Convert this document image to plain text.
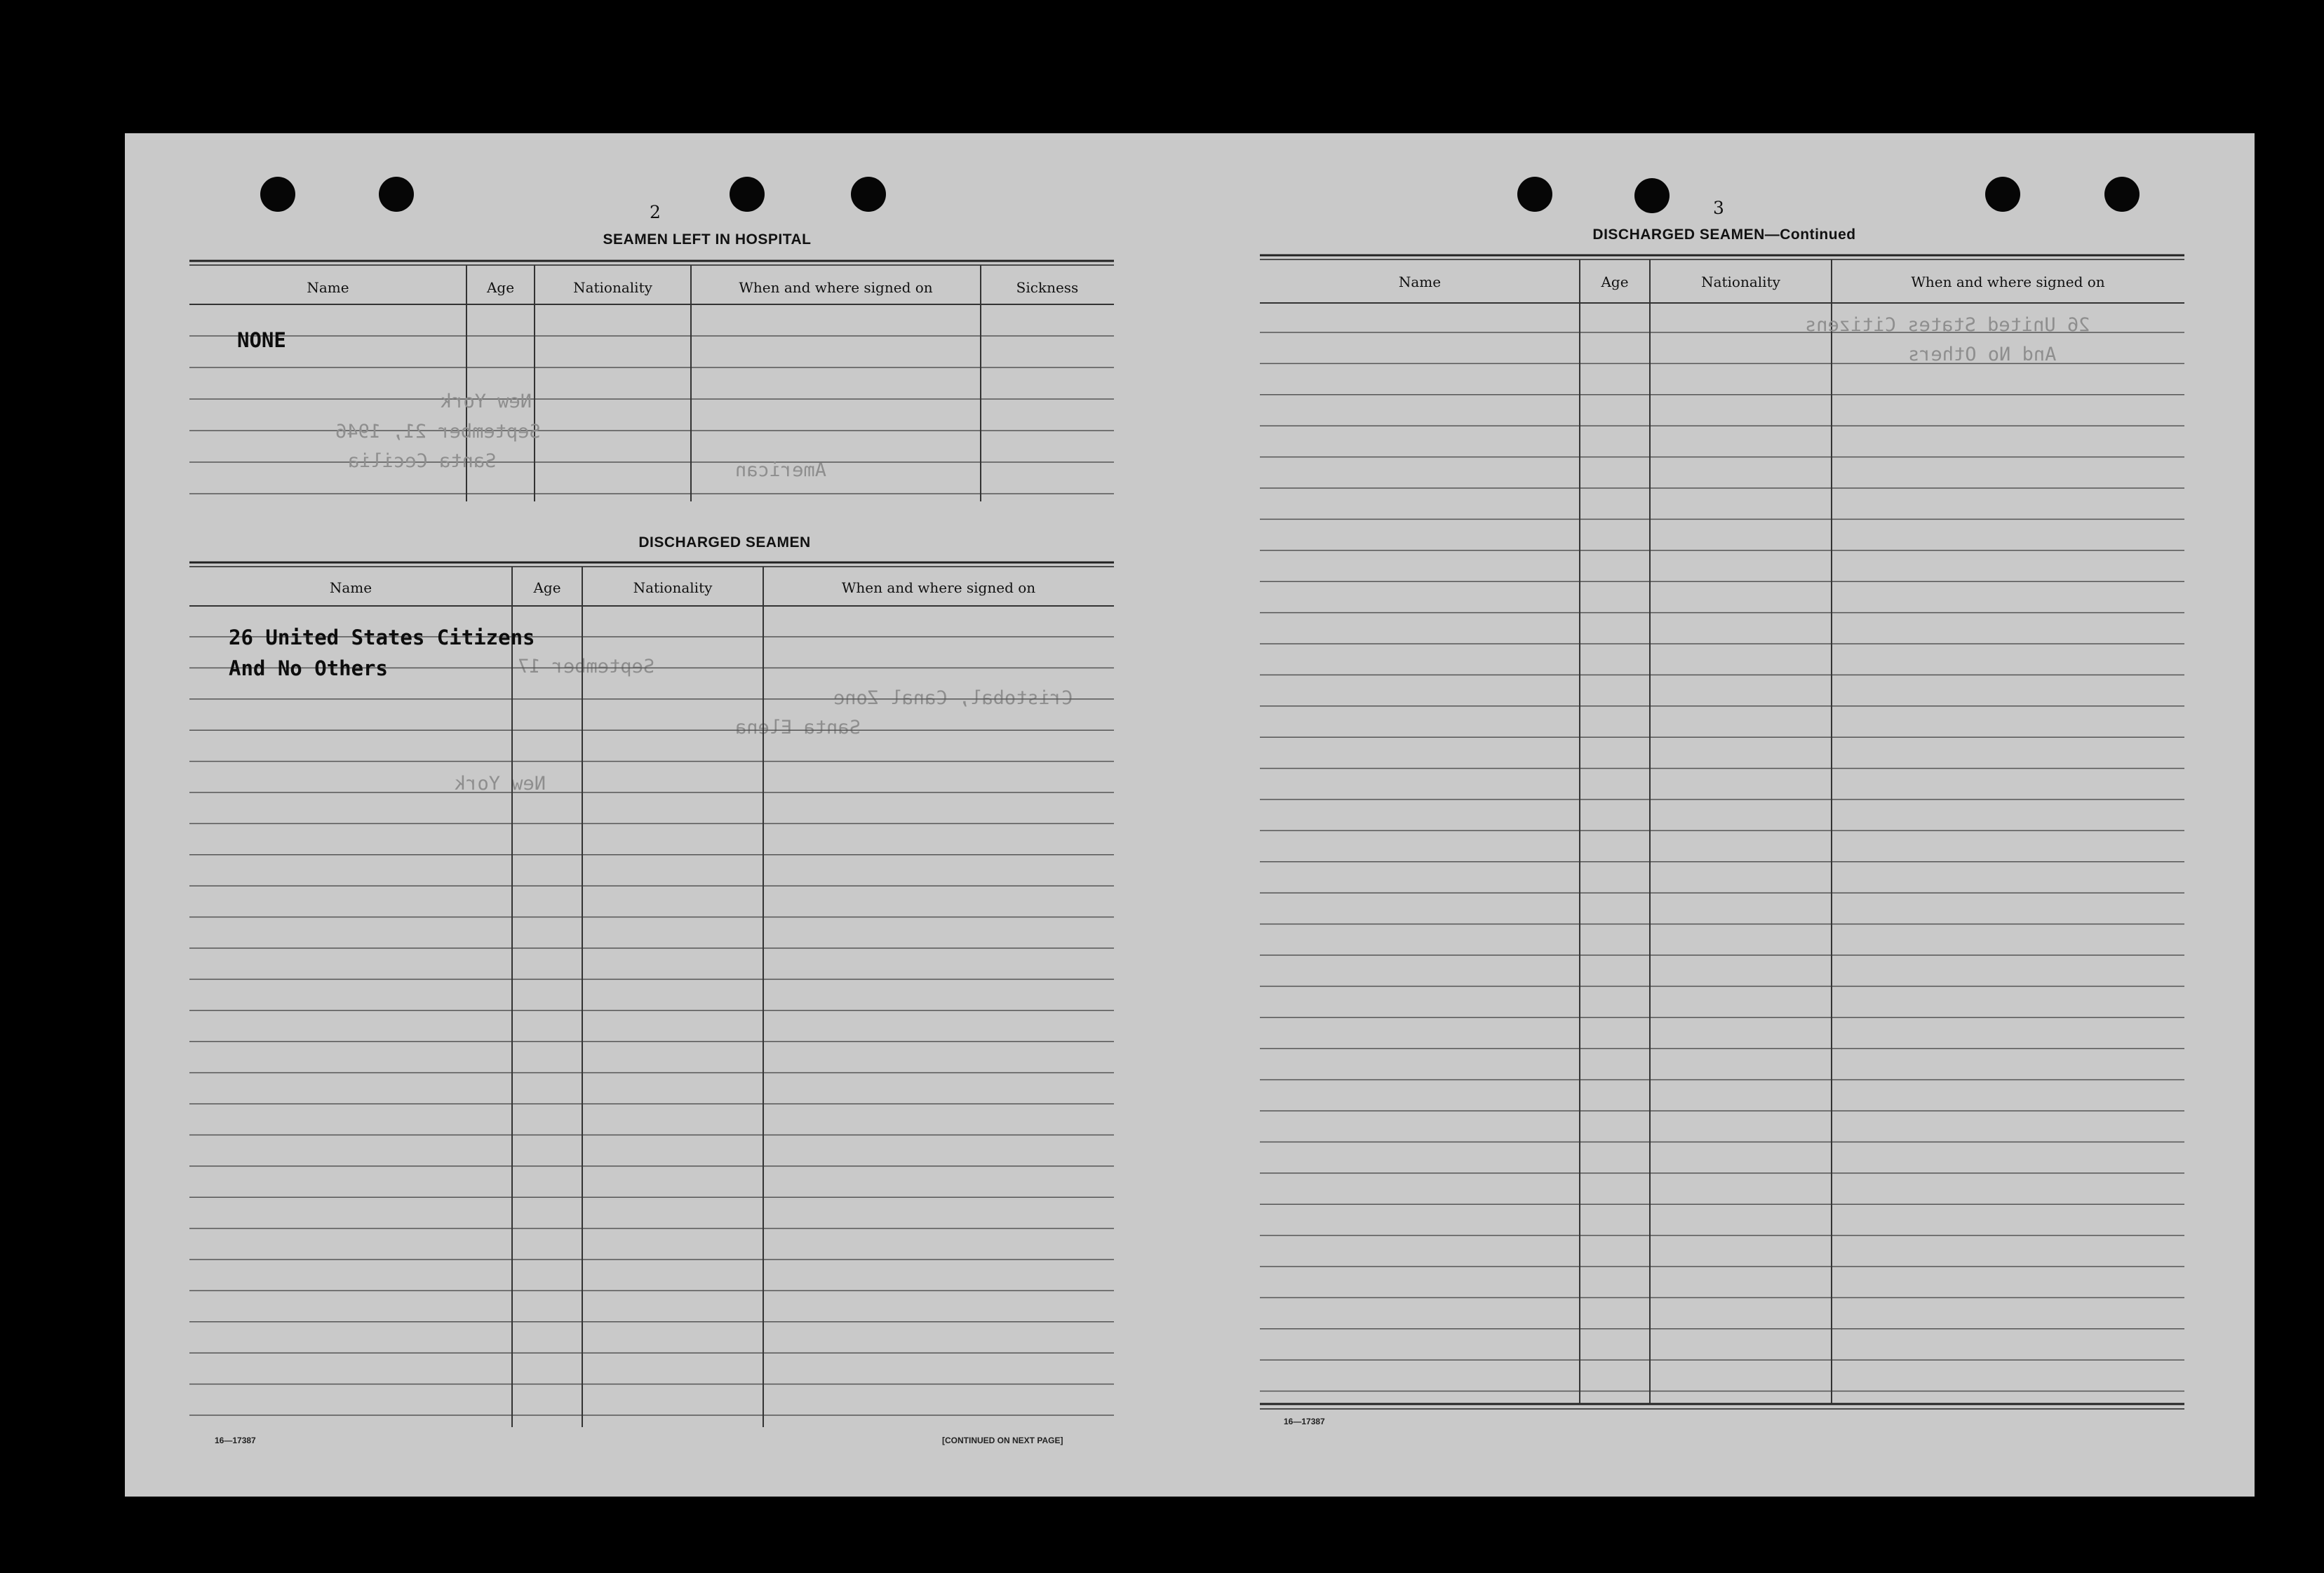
2
SEAMEN LEFT IN HOSPITAL
Name	Age	Nationality	When and where signed on	Sickness
NONE
New York
September 21, 1946
Santa Cecilia	American
September 17
Cristobal, Canal Zone
Santa Elena
New York
DISCHARGED SEAMEN
Name	Age	Nationality	When and where signed on
26 United States Citizens
And No Others
16—17387	[CONTINUED ON NEXT PAGE]
3
DISCHARGED SEAMEN—Continued
Name	Age	Nationality	When and where signed on
26 United States Citizens
And No Others
16—17387
